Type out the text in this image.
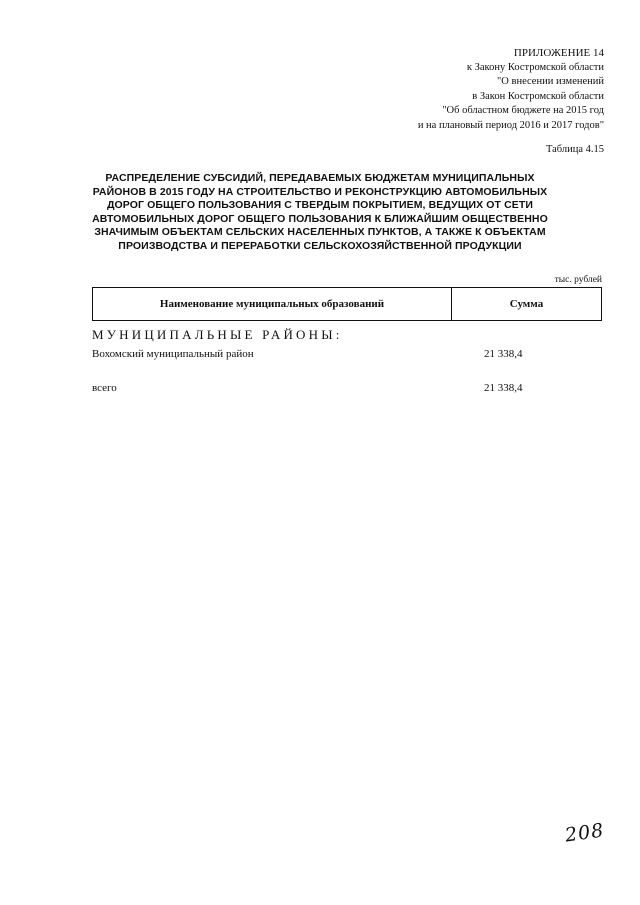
ПРИЛОЖЕНИЕ 14
к Закону Костромской области
"О внесении изменений
в Закон Костромской области
"Об областном бюджете на 2015 год
и на плановый период 2016 и 2017 годов"
Таблица 4.15
РАСПРЕДЕЛЕНИЕ СУБСИДИЙ, ПЕРЕДАВАЕМЫХ БЮДЖЕТАМ МУНИЦИПАЛЬНЫХ РАЙОНОВ В 2015 ГОДУ НА СТРОИТЕЛЬСТВО И РЕКОНСТРУКЦИЮ АВТОМОБИЛЬНЫХ ДОРОГ ОБЩЕГО ПОЛЬЗОВАНИЯ С ТВЕРДЫМ ПОКРЫТИЕМ, ВЕДУЩИХ ОТ СЕТИ АВТОМОБИЛЬНЫХ ДОРОГ ОБЩЕГО ПОЛЬЗОВАНИЯ К БЛИЖАЙШИМ ОБЩЕСТВЕННО ЗНАЧИМЫМ ОБЪЕКТАМ СЕЛЬСКИХ НАСЕЛЕННЫХ ПУНКТОВ, А ТАКЖЕ К ОБЪЕКТАМ ПРОИЗВОДСТВА И ПЕРЕРАБОТКИ СЕЛЬСКОХОЗЯЙСТВЕННОЙ ПРОДУКЦИИ
тыс. рублей
Наименование муниципальных образований	Сумма
МУНИЦИПАЛЬНЫЕ РАЙОНЫ:
Вохомский муниципальный район	21 338,4
всего	21 338,4
208
